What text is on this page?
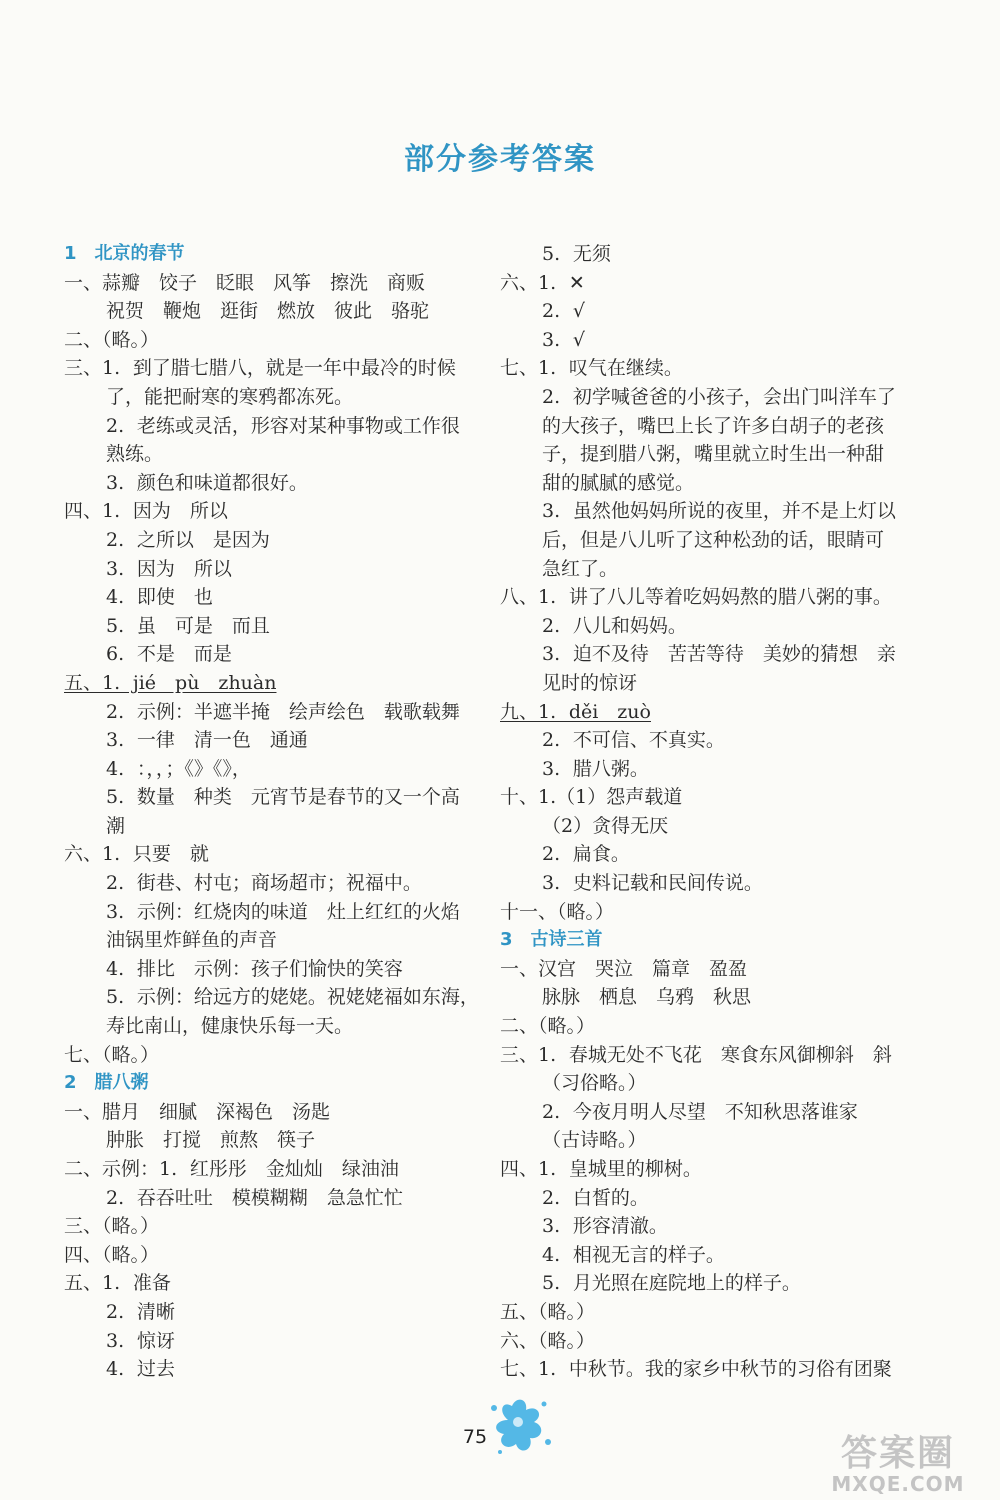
部分参考答案
1　北京的春节
一、蒜瓣　饺子　眨眼　风筝　擦洗　商贩
祝贺　鞭炮　逛街　燃放　彼此　骆驼
二、（略。）
三、1. 到了腊七腊八，就是一年中最冷的时候
了，能把耐寒的寒鸦都冻死。
2. 老练或灵活，形容对某种事物或工作很
熟练。
3. 颜色和味道都很好。
四、1. 因为　所以
2. 之所以　是因为
3. 因为　所以
4. 即使　也
5. 虽　可是　而且
6. 不是　而是
五、1. jié　pù　zhuàn
2. 示例：半遮半掩　绘声绘色　载歌载舞
3. 一律　清一色　通通
4. ：，，；《》《》，
5. 数量　种类　元宵节是春节的又一个高
潮
六、1. 只要　就
2. 街巷、村屯；商场超市；祝福中。
3. 示例：红烧肉的味道　灶上红红的火焰
油锅里炸鲜鱼的声音
4. 排比　示例：孩子们愉快的笑容
5. 示例：给远方的姥姥。祝姥姥福如东海，
寿比南山，健康快乐每一天。
七、（略。）
2　腊八粥
一、腊月　细腻　深褐色　汤匙
肿胀　打搅　煎熬　筷子
二、示例：1. 红彤彤　金灿灿　绿油油
2. 吞吞吐吐　模模糊糊　急急忙忙
三、（略。）
四、（略。）
五、1. 准备
2. 清晰
3. 惊讶
4. 过去
5. 无须
六、1. ✕
2. √
3. √
七、1. 叹气在继续。
2. 初学喊爸爸的小孩子，会出门叫洋车了
的大孩子，嘴巴上长了许多白胡子的老孩
子，提到腊八粥，嘴里就立时生出一种甜
甜的腻腻的感觉。
3. 虽然他妈妈所说的夜里，并不是上灯以
后，但是八儿听了这种松劲的话，眼睛可
急红了。
八、1. 讲了八儿等着吃妈妈熬的腊八粥的事。
2. 八儿和妈妈。
3. 迫不及待　苦苦等待　美妙的猜想　亲
见时的惊讶
九、1. děi　zuò
2. 不可信、不真实。
3. 腊八粥。
十、1.（1）怨声载道
（2）贪得无厌
2. 扁食。
3. 史料记载和民间传说。
十一、（略。）
3　古诗三首
一、汉宫　哭泣　篇章　盈盈
脉脉　栖息　乌鸦　秋思
二、（略。）
三、1. 春城无处不飞花　寒食东风御柳斜　斜
（习俗略。）
2. 今夜月明人尽望　不知秋思落谁家
（古诗略。）
四、1. 皇城里的柳树。
2. 白皙的。
3. 形容清澈。
4. 相视无言的样子。
5. 月光照在庭院地上的样子。
五、（略。）
六、（略。）
七、1. 中秋节。我的家乡中秋节的习俗有团聚
75	答案圈
MXQE.COM
